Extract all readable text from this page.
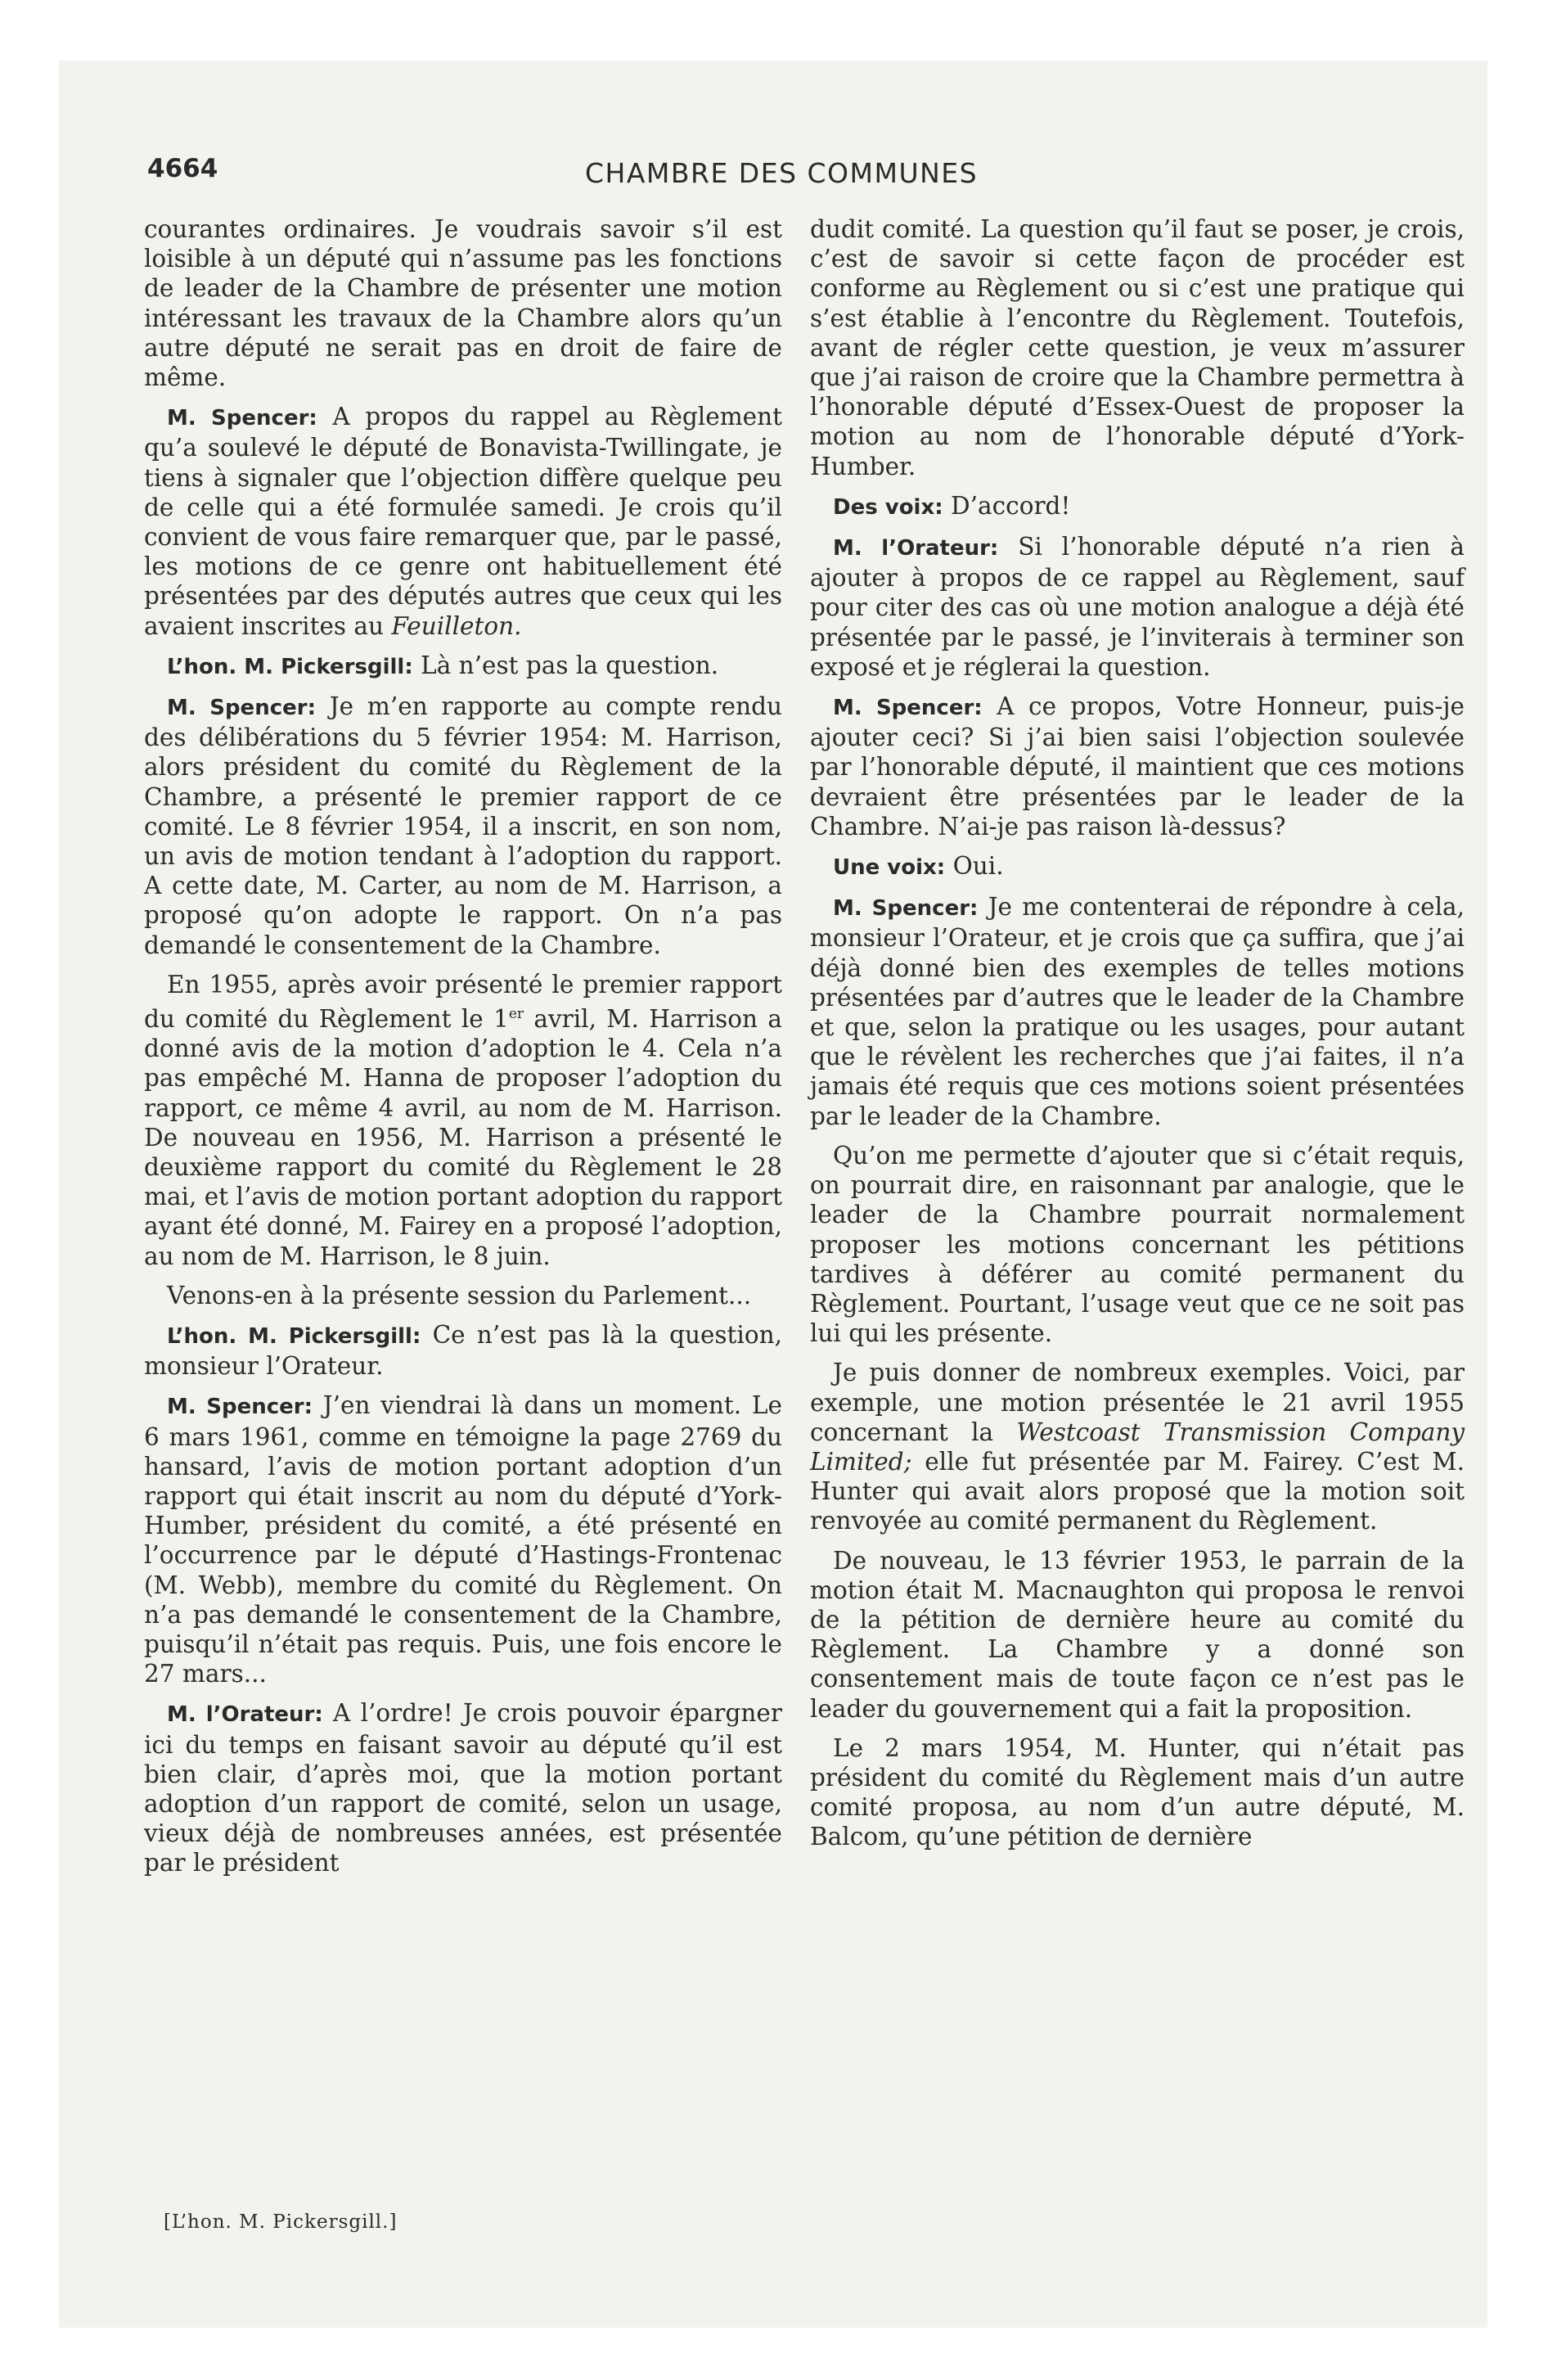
4664	CHAMBRE DES COMMUNES

courantes ordinaires. Je voudrais savoir s’il est loisible à un député qui n’assume pas les fonctions de leader de la Chambre de présenter une motion intéressant les travaux de la Chambre alors qu’un autre député ne serait pas en droit de faire de même.

M. Spencer: A propos du rappel au Règlement qu’a soulevé le député de Bonavista-Twillingate, je tiens à signaler que l’objection diffère quelque peu de celle qui a été formulée samedi. Je crois qu’il convient de vous faire remarquer que, par le passé, les motions de ce genre ont habituellement été présentées par des députés autres que ceux qui les avaient inscrites au Feuilleton.

L’hon. M. Pickersgill: Là n’est pas la question.

M. Spencer: Je m’en rapporte au compte rendu des délibérations du 5 février 1954: M. Harrison, alors président du comité du Règlement de la Chambre, a présenté le premier rapport de ce comité. Le 8 février 1954, il a inscrit, en son nom, un avis de motion tendant à l’adoption du rapport. A cette date, M. Carter, au nom de M. Harrison, a proposé qu’on adopte le rapport. On n’a pas demandé le consentement de la Chambre.

En 1955, après avoir présenté le premier rapport du comité du Règlement le 1er avril, M. Harrison a donné avis de la motion d’adoption le 4. Cela n’a pas empêché M. Hanna de proposer l’adoption du rapport, ce même 4 avril, au nom de M. Harrison. De nouveau en 1956, M. Harrison a présenté le deuxième rapport du comité du Règlement le 28 mai, et l’avis de motion portant adoption du rapport ayant été donné, M. Fairey en a proposé l’adoption, au nom de M. Harrison, le 8 juin.

Venons-en à la présente session du Parlement...

L’hon. M. Pickersgill: Ce n’est pas là la question, monsieur l’Orateur.

M. Spencer: J’en viendrai là dans un moment. Le 6 mars 1961, comme en témoigne la page 2769 du hansard, l’avis de motion portant adoption d’un rapport qui était inscrit au nom du député d’York-Humber, président du comité, a été présenté en l’occurrence par le député d’Hastings-Frontenac (M. Webb), membre du comité du Règlement. On n’a pas demandé le consentement de la Chambre, puisqu’il n’était pas requis. Puis, une fois encore le 27 mars...

M. l’Orateur: A l’ordre! Je crois pouvoir épargner ici du temps en faisant savoir au député qu’il est bien clair, d’après moi, que la motion portant adoption d’un rapport de comité, selon un usage, vieux déjà de nombreuses années, est présentée par le président

[L’hon. M. Pickersgill.]

dudit comité. La question qu’il faut se poser, je crois, c’est de savoir si cette façon de procéder est conforme au Règlement ou si c’est une pratique qui s’est établie à l’encontre du Règlement. Toutefois, avant de régler cette question, je veux m’assurer que j’ai raison de croire que la Chambre permettra à l’honorable député d’Essex-Ouest de proposer la motion au nom de l’honorable député d’York-Humber.

Des voix: D’accord!

M. l’Orateur: Si l’honorable député n’a rien à ajouter à propos de ce rappel au Règlement, sauf pour citer des cas où une motion analogue a déjà été présentée par le passé, je l’inviterais à terminer son exposé et je réglerai la question.

M. Spencer: A ce propos, Votre Honneur, puis-je ajouter ceci? Si j’ai bien saisi l’objection soulevée par l’honorable député, il maintient que ces motions devraient être présentées par le leader de la Chambre. N’ai-je pas raison là-dessus?

Une voix: Oui.

M. Spencer: Je me contenterai de répondre à cela, monsieur l’Orateur, et je crois que ça suffira, que j’ai déjà donné bien des exemples de telles motions présentées par d’autres que le leader de la Chambre et que, selon la pratique ou les usages, pour autant que le révèlent les recherches que j’ai faites, il n’a jamais été requis que ces motions soient présentées par le leader de la Chambre.

Qu’on me permette d’ajouter que si c’était requis, on pourrait dire, en raisonnant par analogie, que le leader de la Chambre pourrait normalement proposer les motions concernant les pétitions tardives à déférer au comité permanent du Règlement. Pourtant, l’usage veut que ce ne soit pas lui qui les présente.

Je puis donner de nombreux exemples. Voici, par exemple, une motion présentée le 21 avril 1955 concernant la Westcoast Transmission Company Limited; elle fut présentée par M. Fairey. C’est M. Hunter qui avait alors proposé que la motion soit renvoyée au comité permanent du Règlement.

De nouveau, le 13 février 1953, le parrain de la motion était M. Macnaughton qui proposa le renvoi de la pétition de dernière heure au comité du Règlement. La Chambre y a donné son consentement mais de toute façon ce n’est pas le leader du gouvernement qui a fait la proposition.

Le 2 mars 1954, M. Hunter, qui n’était pas président du comité du Règlement mais d’un autre comité proposa, au nom d’un autre député, M. Balcom, qu’une pétition de dernière
